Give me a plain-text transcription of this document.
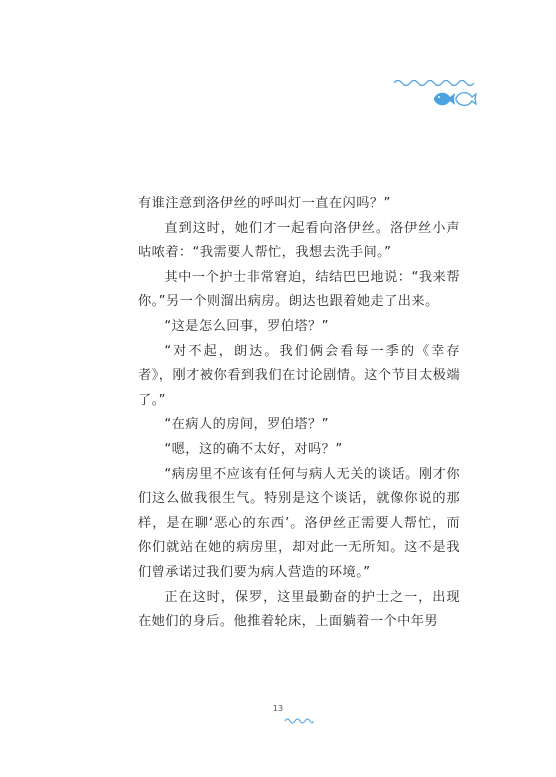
有谁注意到洛伊丝的呼叫灯一直在闪吗？”

直到这时，她们才一起看向洛伊丝。洛伊丝小声咕哝着：“我需要人帮忙，我想去洗手间。”

其中一个护士非常窘迫，结结巴巴地说：“我来帮你。”另一个则溜出病房。朗达也跟着她走了出来。

“这是怎么回事，罗伯塔？”

“对不起，朗达。我们俩会看每一季的《幸存者》，刚才被你看到我们在讨论剧情。这个节目太极端了。”

“在病人的房间，罗伯塔？”

“嗯，这的确不太好，对吗？”

“病房里不应该有任何与病人无关的谈话。刚才你们这么做我很生气。特别是这个谈话，就像你说的那样，是在聊‘恶心的东西’。洛伊丝正需要人帮忙，而你们就站在她的病房里，却对此一无所知。这不是我们曾承诺过我们要为病人营造的环境。”

正在这时，保罗，这里最勤奋的护士之一，出现在她们的身后。他推着轮床，上面躺着一个中年男

13
